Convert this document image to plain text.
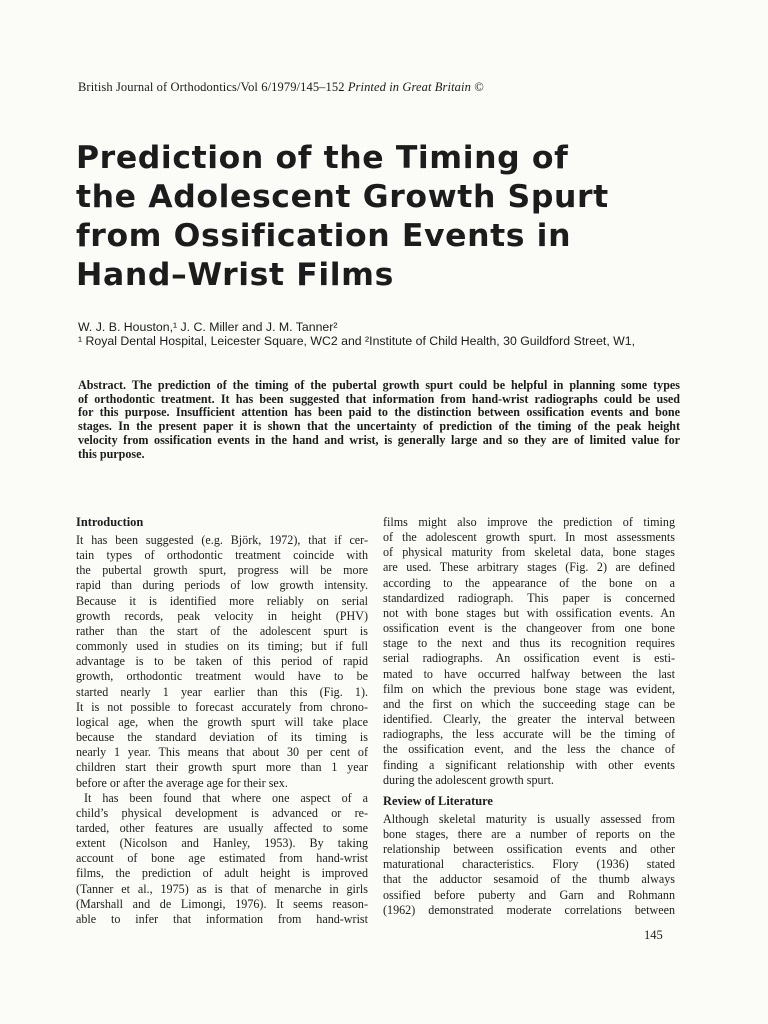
British Journal of Orthodontics/Vol 6/1979/145–152 Printed in Great Britain ©
Prediction of the Timing of
the Adolescent Growth Spurt
from Ossification Events in
Hand–Wrist Films
W. J. B. Houston,¹ J. C. Miller and J. M. Tanner²
¹ Royal Dental Hospital, Leicester Square, WC2 and ²Institute of Child Health, 30 Guildford Street, W1,
Abstract. The prediction of the timing of the pubertal growth spurt could be helpful in planning some types
of orthodontic treatment. It has been suggested that information from hand-wrist radiographs could be used
for this purpose. Insufficient attention has been paid to the distinction between ossification events and bone
stages. In the present paper it is shown that the uncertainty of prediction of the timing of the peak height
velocity from ossification events in the hand and wrist, is generally large and so they are of limited value for
this purpose.
Introduction
It has been suggested (e.g. Björk, 1972), that if cer-
tain types of orthodontic treatment coincide with
the pubertal growth spurt, progress will be more
rapid than during periods of low growth intensity.
Because it is identified more reliably on serial
growth records, peak velocity in height (PHV)
rather than the start of the adolescent spurt is
commonly used in studies on its timing; but if full
advantage is to be taken of this period of rapid
growth, orthodontic treatment would have to be
started nearly 1 year earlier than this (Fig. 1).
It is not possible to forecast accurately from chrono-
logical age, when the growth spurt will take place
because the standard deviation of its timing is
nearly 1 year. This means that about 30 per cent of
children start their growth spurt more than 1 year
before or after the average age for their sex.
It has been found that where one aspect of a
child’s physical development is advanced or re-
tarded, other features are usually affected to some
extent (Nicolson and Hanley, 1953). By taking
account of bone age estimated from hand-wrist
films, the prediction of adult height is improved
(Tanner et al., 1975) as is that of menarche in girls
(Marshall and de Limongi, 1976). It seems reason-
able to infer that information from hand-wrist
films might also improve the prediction of timing
of the adolescent growth spurt. In most assessments
of physical maturity from skeletal data, bone stages
are used. These arbitrary stages (Fig. 2) are defined
according to the appearance of the bone on a
standardized radiograph. This paper is concerned
not with bone stages but with ossification events. An
ossification event is the changeover from one bone
stage to the next and thus its recognition requires
serial radiographs. An ossification event is esti-
mated to have occurred halfway between the last
film on which the previous bone stage was evident,
and the first on which the succeeding stage can be
identified. Clearly, the greater the interval between
radiographs, the less accurate will be the timing of
the ossification event, and the less the chance of
finding a significant relationship with other events
during the adolescent growth spurt.
Review of Literature
Although skeletal maturity is usually assessed from
bone stages, there are a number of reports on the
relationship between ossification events and other
maturational characteristics. Flory (1936) stated
that the adductor sesamoid of the thumb always
ossified before puberty and Garn and Rohmann
(1962) demonstrated moderate correlations between
145
